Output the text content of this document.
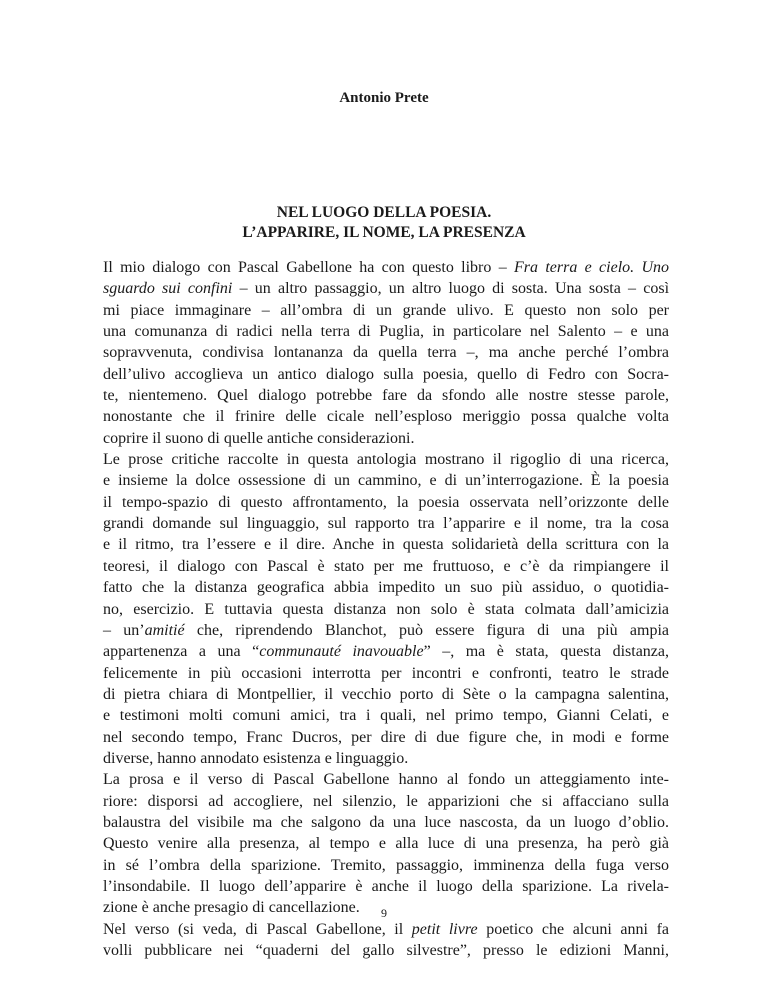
Antonio Prete
NEL LUOGO DELLA POESIA.
L’APPARIRE, IL NOME, LA PRESENZA
Il mio dialogo con Pascal Gabellone ha con questo libro – Fra terra e cielo. Uno
sguardo sui confini – un altro passaggio, un altro luogo di sosta. Una sosta – così
mi piace immaginare – all’ombra di un grande ulivo. E questo non solo per
una comunanza di radici nella terra di Puglia, in particolare nel Salento – e una
sopravvenuta, condivisa lontananza da quella terra –, ma anche perché l’ombra
dell’ulivo accoglieva un antico dialogo sulla poesia, quello di Fedro con Socra-
te, nientemeno. Quel dialogo potrebbe fare da sfondo alle nostre stesse parole,
nonostante che il frinire delle cicale nell’esploso meriggio possa qualche volta
coprire il suono di quelle antiche considerazioni.
Le prose critiche raccolte in questa antologia mostrano il rigoglio di una ricerca,
e insieme la dolce ossessione di un cammino, e di un’interrogazione. È la poesia
il tempo-spazio di questo affrontamento, la poesia osservata nell’orizzonte delle
grandi domande sul linguaggio, sul rapporto tra l’apparire e il nome, tra la cosa
e il ritmo, tra l’essere e il dire. Anche in questa solidarietà della scrittura con la
teoresi, il dialogo con Pascal è stato per me fruttuoso, e c’è da rimpiangere il
fatto che la distanza geografica abbia impedito un suo più assiduo, o quotidia-
no, esercizio. E tuttavia questa distanza non solo è stata colmata dall’amicizia
– un’amitié che, riprendendo Blanchot, può essere figura di una più ampia
appartenenza a una “communauté inavouable” –, ma è stata, questa distanza,
felicemente in più occasioni interrotta per incontri e confronti, teatro le strade
di pietra chiara di Montpellier, il vecchio porto di Sète o la campagna salentina,
e testimoni molti comuni amici, tra i quali, nel primo tempo, Gianni Celati, e
nel secondo tempo, Franc Ducros, per dire di due figure che, in modi e forme
diverse, hanno annodato esistenza e linguaggio.
La prosa e il verso di Pascal Gabellone hanno al fondo un atteggiamento inte-
riore: disporsi ad accogliere, nel silenzio, le apparizioni che si affacciano sulla
balaustra del visibile ma che salgono da una luce nascosta, da un luogo d’oblio.
Questo venire alla presenza, al tempo e alla luce di una presenza, ha però già
in sé l’ombra della sparizione. Tremito, passaggio, imminenza della fuga verso
l’insondabile. Il luogo dell’apparire è anche il luogo della sparizione. La rivela-
zione è anche presagio di cancellazione.
Nel verso (si veda, di Pascal Gabellone, il petit livre poetico che alcuni anni fa
volli pubblicare nei “quaderni del gallo silvestre”, presso le edizioni Manni,
9
